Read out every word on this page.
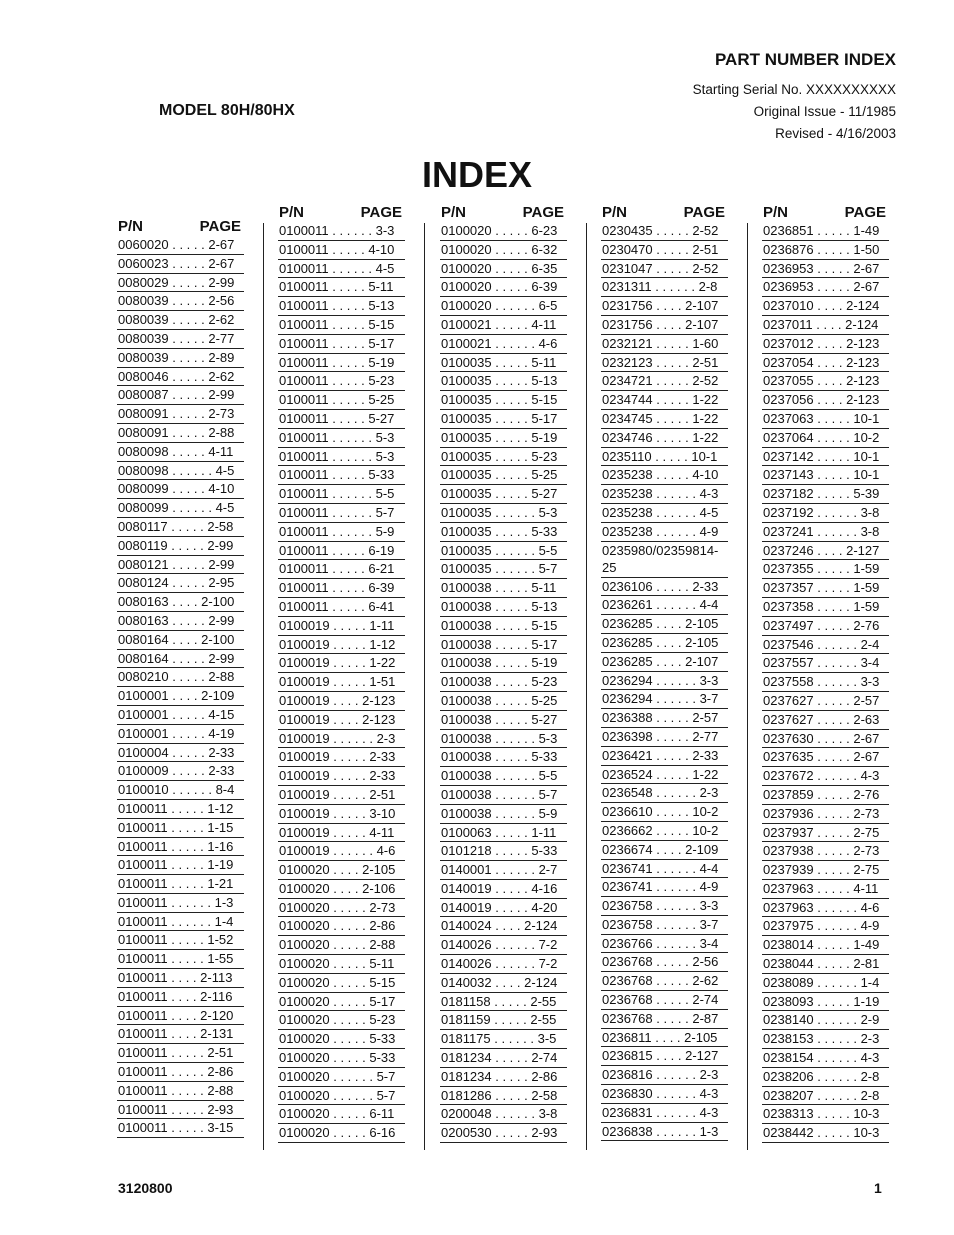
PART NUMBER INDEX
Starting Serial No. XXXXXXXXXX
Original Issue - 11/1985
Revised - 4/16/2003
MODEL 80H/80HX
INDEX
P/N	PAGE
0060020 . . . . . 2-67
0060023 . . . . . 2-67
0080029 . . . . . 2-99
0080039 . . . . . 2-56
0080039 . . . . . 2-62
0080039 . . . . . 2-77
0080039 . . . . . 2-89
0080046 . . . . . 2-62
0080087 . . . . . 2-99
0080091 . . . . . 2-73
0080091 . . . . . 2-88
0080098 . . . . . 4-11
0080098 . . . . . . 4-5
0080099 . . . . . 4-10
0080099 . . . . . . 4-5
0080117 . . . . . 2-58
0080119 . . . . . 2-99
0080121 . . . . . 2-99
0080124 . . . . . 2-95
0080163 . . . . 2-100
0080163 . . . . . 2-99
0080164 . . . . 2-100
0080164 . . . . . 2-99
0080210 . . . . . 2-88
0100001 . . . . 2-109
0100001 . . . . . 4-15
0100001 . . . . . 4-19
0100004 . . . . . 2-33
0100009 . . . . . 2-33
0100010 . . . . . . 8-4
0100011 . . . . . 1-12
0100011 . . . . . 1-15
0100011 . . . . . 1-16
0100011 . . . . . 1-19
0100011 . . . . . 1-21
0100011 . . . . . . 1-3
0100011 . . . . . . 1-4
0100011 . . . . . 1-52
0100011 . . . . . 1-55
0100011 . . . . 2-113
0100011 . . . . 2-116
0100011 . . . . 2-120
0100011 . . . . 2-131
0100011 . . . . . 2-51
0100011 . . . . . 2-86
0100011 . . . . . 2-88
0100011 . . . . . 2-93
0100011 . . . . . 3-15
P/N	PAGE
0100011 . . . . . . 3-3
0100011 . . . . . 4-10
0100011 . . . . . . 4-5
0100011 . . . . . 5-11
0100011 . . . . . 5-13
0100011 . . . . . 5-15
0100011 . . . . . 5-17
0100011 . . . . . 5-19
0100011 . . . . . 5-23
0100011 . . . . . 5-25
0100011 . . . . . 5-27
0100011 . . . . . . 5-3
0100011 . . . . . . 5-3
0100011 . . . . . 5-33
0100011 . . . . . . 5-5
0100011 . . . . . . 5-7
0100011 . . . . . . 5-9
0100011 . . . . . 6-19
0100011 . . . . . 6-21
0100011 . . . . . 6-39
0100011 . . . . . 6-41
0100019 . . . . . 1-11
0100019 . . . . . 1-12
0100019 . . . . . 1-22
0100019 . . . . . 1-51
0100019 . . . . 2-123
0100019 . . . . 2-123
0100019 . . . . . . 2-3
0100019 . . . . . 2-33
0100019 . . . . . 2-33
0100019 . . . . . 2-51
0100019 . . . . . 3-10
0100019 . . . . . 4-11
0100019 . . . . . . 4-6
0100020 . . . . 2-105
0100020 . . . . 2-106
0100020 . . . . . 2-73
0100020 . . . . . 2-86
0100020 . . . . . 2-88
0100020 . . . . . 5-11
0100020 . . . . . 5-15
0100020 . . . . . 5-17
0100020 . . . . . 5-23
0100020 . . . . . 5-33
0100020 . . . . . 5-33
0100020 . . . . . . 5-7
0100020 . . . . . . 5-7
0100020 . . . . . 6-11
0100020 . . . . . 6-16
P/N	PAGE
0100020 . . . . . 6-23
0100020 . . . . . 6-32
0100020 . . . . . 6-35
0100020 . . . . . 6-39
0100020 . . . . . . 6-5
0100021 . . . . . 4-11
0100021 . . . . . . 4-6
0100035 . . . . . 5-11
0100035 . . . . . 5-13
0100035 . . . . . 5-15
0100035 . . . . . 5-17
0100035 . . . . . 5-19
0100035 . . . . . 5-23
0100035 . . . . . 5-25
0100035 . . . . . 5-27
0100035 . . . . . . 5-3
0100035 . . . . . 5-33
0100035 . . . . . . 5-5
0100035 . . . . . . 5-7
0100038 . . . . . 5-11
0100038 . . . . . 5-13
0100038 . . . . . 5-15
0100038 . . . . . 5-17
0100038 . . . . . 5-19
0100038 . . . . . 5-23
0100038 . . . . . 5-25
0100038 . . . . . 5-27
0100038 . . . . . . 5-3
0100038 . . . . . 5-33
0100038 . . . . . . 5-5
0100038 . . . . . . 5-7
0100038 . . . . . . 5-9
0100063 . . . . . 1-11
0101218 . . . . . 5-33
0140001 . . . . . . 2-7
0140019 . . . . . 4-16
0140019 . . . . . 4-20
0140024 . . . . 2-124
0140026 . . . . . . 7-2
0140026 . . . . . . 7-2
0140032 . . . . 2-124
0181158 . . . . . 2-55
0181159 . . . . . 2-55
0181175 . . . . . . 3-5
0181234 . . . . . 2-74
0181234 . . . . . 2-86
0181286 . . . . . 2-58
0200048 . . . . . . 3-8
0200530 . . . . . 2-93
P/N	PAGE
0230435 . . . . . 2-52
0230470 . . . . . 2-51
0231047 . . . . . 2-52
0231311 . . . . . . 2-8
0231756 . . . . 2-107
0231756 . . . . 2-107
0232121 . . . . . 1-60
0232123 . . . . . 2-51
0234721 . . . . . 2-52
0234744 . . . . . 1-22
0234745 . . . . . 1-22
0234746 . . . . . 1-22
0235110 . . . . . 10-1
0235238 . . . . . 4-10
0235238 . . . . . . 4-3
0235238 . . . . . . 4-5
0235238 . . . . . . 4-9
0235980/02359814-25
0236106 . . . . . 2-33
0236261 . . . . . . 4-4
0236285 . . . . 2-105
0236285 . . . . 2-105
0236285 . . . . 2-107
0236294 . . . . . . 3-3
0236294 . . . . . . 3-7
0236388 . . . . . 2-57
0236398 . . . . . 2-77
0236421 . . . . . 2-33
0236524 . . . . . 1-22
0236548 . . . . . . 2-3
0236610 . . . . . 10-2
0236662 . . . . . 10-2
0236674 . . . . 2-109
0236741 . . . . . . 4-4
0236741 . . . . . . 4-9
0236758 . . . . . . 3-3
0236758 . . . . . . 3-7
0236766 . . . . . . 3-4
0236768 . . . . . 2-56
0236768 . . . . . 2-62
0236768 . . . . . 2-74
0236768 . . . . . 2-87
0236811 . . . . 2-105
0236815 . . . . 2-127
0236816 . . . . . . 2-3
0236830 . . . . . . 4-3
0236831 . . . . . . 4-3
0236838 . . . . . . 1-3
P/N	PAGE
0236851 . . . . . 1-49
0236876 . . . . . 1-50
0236953 . . . . . 2-67
0236953 . . . . . 2-67
0237010 . . . . 2-124
0237011 . . . . 2-124
0237012 . . . . 2-123
0237054 . . . . 2-123
0237055 . . . . 2-123
0237056 . . . . 2-123
0237063 . . . . . 10-1
0237064 . . . . . 10-2
0237142 . . . . . 10-1
0237143 . . . . . 10-1
0237182 . . . . . 5-39
0237192 . . . . . . 3-8
0237241 . . . . . . 3-8
0237246 . . . . 2-127
0237355 . . . . . 1-59
0237357 . . . . . 1-59
0237358 . . . . . 1-59
0237497 . . . . . 2-76
0237546 . . . . . . 2-4
0237557 . . . . . . 3-4
0237558 . . . . . . 3-3
0237627 . . . . . 2-57
0237627 . . . . . 2-63
0237630 . . . . . 2-67
0237635 . . . . . 2-67
0237672 . . . . . . 4-3
0237859 . . . . . 2-76
0237936 . . . . . 2-73
0237937 . . . . . 2-75
0237938 . . . . . 2-73
0237939 . . . . . 2-75
0237963 . . . . . 4-11
0237963 . . . . . . 4-6
0237975 . . . . . . 4-9
0238014 . . . . . 1-49
0238044 . . . . . 2-81
0238089 . . . . . . 1-4
0238093 . . . . . 1-19
0238140 . . . . . . 2-9
0238153 . . . . . . 2-3
0238154 . . . . . . 4-3
0238206 . . . . . . 2-8
0238207 . . . . . . 2-8
0238313 . . . . . 10-3
0238442 . . . . . 10-3
3120800	1
